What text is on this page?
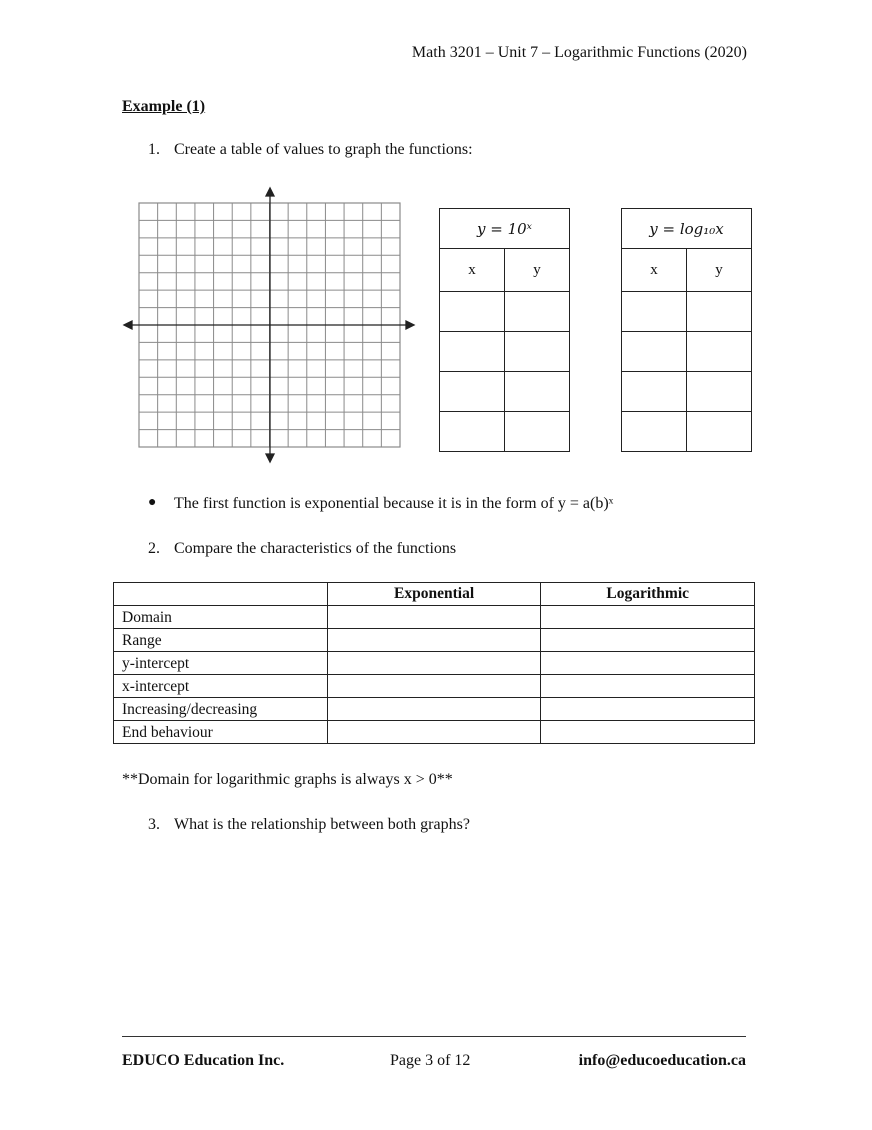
Math 3201 – Unit 7 – Logarithmic Functions (2020)
Example (1)
1. Create a table of values to graph the functions:
y = 10ˣ	
x	y

y = log₁₀x	
x	y

● The first function is exponential because it is in the form of y = a(b)ˣ
2. Compare the characteristics of the functions
	Exponential	Logarithmic
Domain		
Range		
y-intercept		
x-intercept		
Increasing/decreasing		
End behaviour		
**Domain for logarithmic graphs is always x > 0**
3. What is the relationship between both graphs?
EDUCO Education Inc.	Page 3 of 12	info@educoeducation.ca
